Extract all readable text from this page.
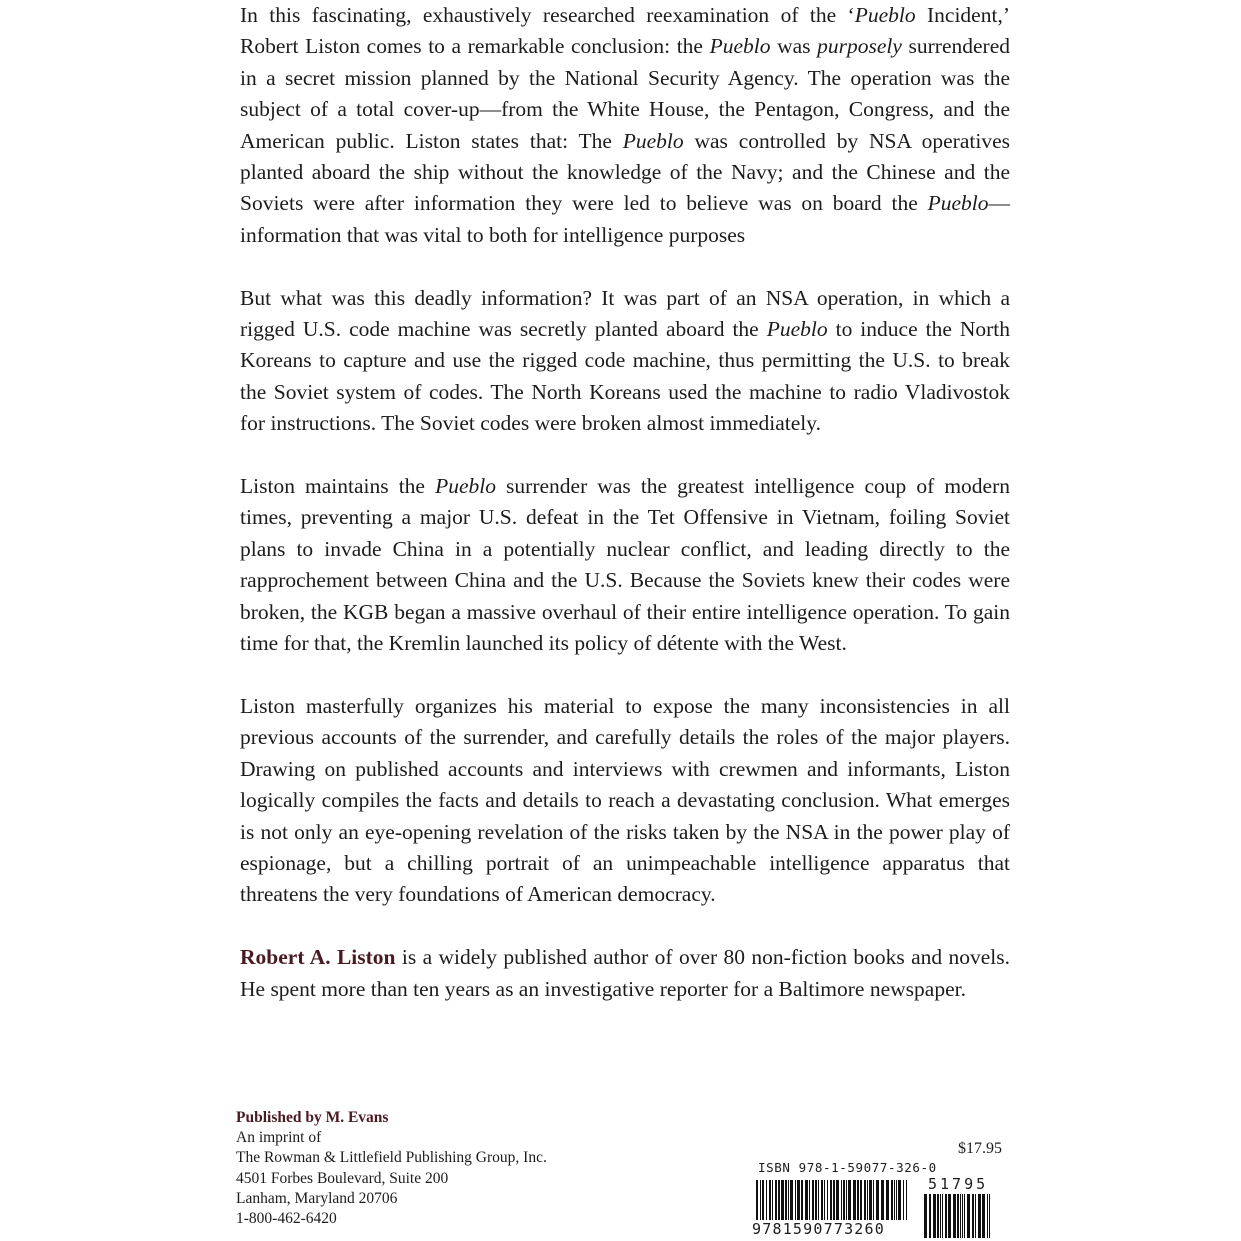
In this fascinating, exhaustively researched reexamination of the ‘Pueblo Incident,’ Robert Liston comes to a remarkable conclusion: the Pueblo was purposely surrendered in a secret mission planned by the National Security Agency. The operation was the subject of a total cover-up—from the White House, the Pentagon, Congress, and the American public. Liston states that: The Pueblo was controlled by NSA operatives planted aboard the ship without the knowledge of the Navy; and the Chinese and the Soviets were after information they were led to believe was on board the Pueblo—information that was vital to both for intelligence purposes

But what was this deadly information? It was part of an NSA operation, in which a rigged U.S. code machine was secretly planted aboard the Pueblo to induce the North Koreans to capture and use the rigged code machine, thus permitting the U.S. to break the Soviet system of codes. The North Koreans used the machine to radio Vladivostok for instructions. The Soviet codes were broken almost immediately.

Liston maintains the Pueblo surrender was the greatest intelligence coup of modern times, preventing a major U.S. defeat in the Tet Offensive in Vietnam, foiling Soviet plans to invade China in a potentially nuclear conflict, and leading directly to the rapprochement between China and the U.S. Because the Soviets knew their codes were broken, the KGB began a massive overhaul of their entire intelligence operation. To gain time for that, the Kremlin launched its policy of détente with the West.

Liston masterfully organizes his material to expose the many inconsistencies in all previous accounts of the surrender, and carefully details the roles of the major players. Drawing on published accounts and interviews with crewmen and informants, Liston logically compiles the facts and details to reach a devastating conclusion. What emerges is not only an eye-opening revelation of the risks taken by the NSA in the power play of espionage, but a chilling portrait of an unimpeachable intelligence apparatus that threatens the very foundations of American democracy.

Robert A. Liston is a widely published author of over 80 non-fiction books and novels. He spent more than ten years as an investigative reporter for a Baltimore newspaper.

Published by M. Evans
An imprint of
The Rowman & Littlefield Publishing Group, Inc.
4501 Forbes Boulevard, Suite 200
Lanham, Maryland 20706
1-800-462-6420
$17.95
ISBN 978-1-59077-326-0
9781590773260
51795
